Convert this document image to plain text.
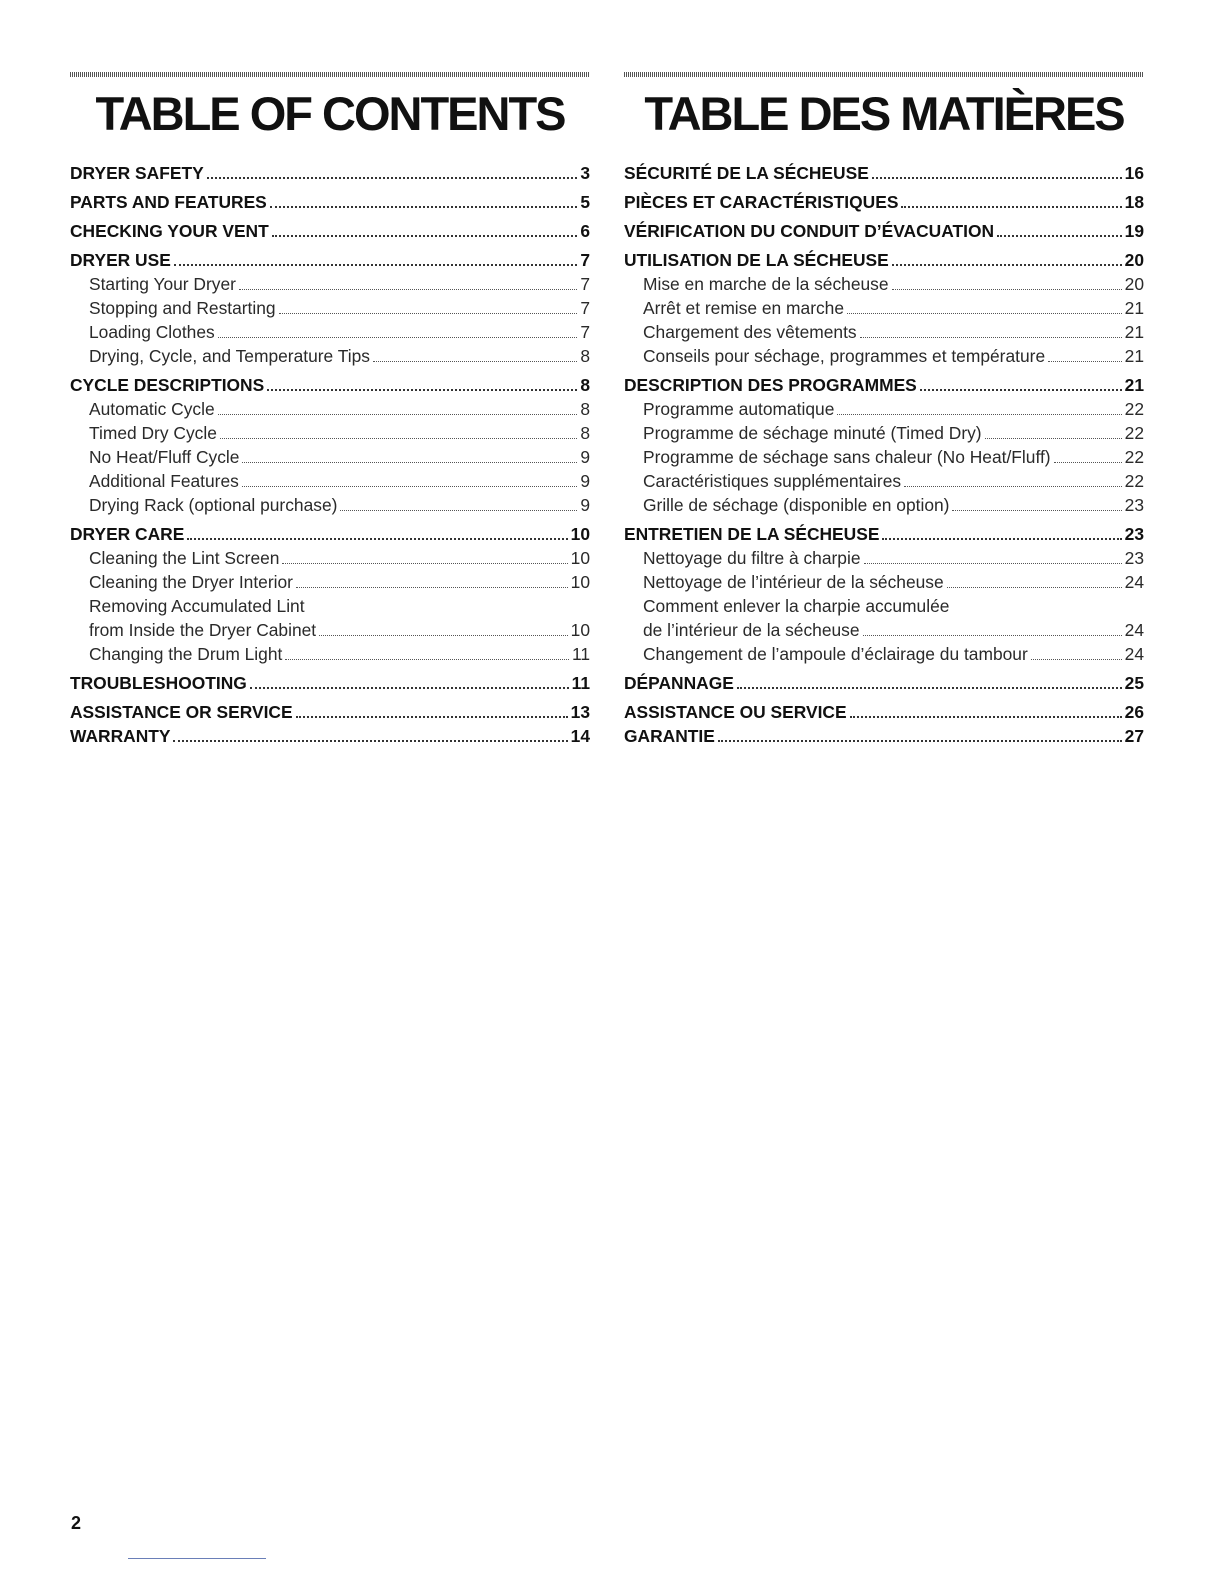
TABLE OF CONTENTS
DRYER SAFETY	3
PARTS AND FEATURES	5
CHECKING YOUR VENT	6
DRYER USE	7
Starting Your Dryer	7
Stopping and Restarting	7
Loading Clothes	7
Drying, Cycle, and Temperature Tips	8
CYCLE DESCRIPTIONS	8
Automatic Cycle	8
Timed Dry Cycle	8
No Heat/Fluff Cycle	9
Additional Features	9
Drying Rack (optional purchase)	9
DRYER CARE	10
Cleaning the Lint Screen	10
Cleaning the Dryer Interior	10
Removing Accumulated Lint
from Inside the Dryer Cabinet	10
Changing the Drum Light	11
TROUBLESHOOTING	11
ASSISTANCE OR SERVICE	13
WARRANTY	14
TABLE DES MATIÈRES
SÉCURITÉ DE LA SÉCHEUSE	16
PIÈCES ET CARACTÉRISTIQUES	18
VÉRIFICATION DU CONDUIT D’ÉVACUATION	19
UTILISATION DE LA SÉCHEUSE	20
Mise en marche de la sécheuse	20
Arrêt et remise en marche	21
Chargement des vêtements	21
Conseils pour séchage, programmes et température	21
DESCRIPTION DES PROGRAMMES	21
Programme automatique	22
Programme de séchage minuté (Timed Dry)	22
Programme de séchage sans chaleur (No Heat/Fluff)	22
Caractéristiques supplémentaires	22
Grille de séchage (disponible en option)	23
ENTRETIEN DE LA SÉCHEUSE	23
Nettoyage du filtre à charpie	23
Nettoyage de l’intérieur de la sécheuse	24
Comment enlever la charpie accumulée
de l’intérieur de la sécheuse	24
Changement de l’ampoule d’éclairage du tambour	24
DÉPANNAGE	25
ASSISTANCE OU SERVICE	26
GARANTIE	27
2
